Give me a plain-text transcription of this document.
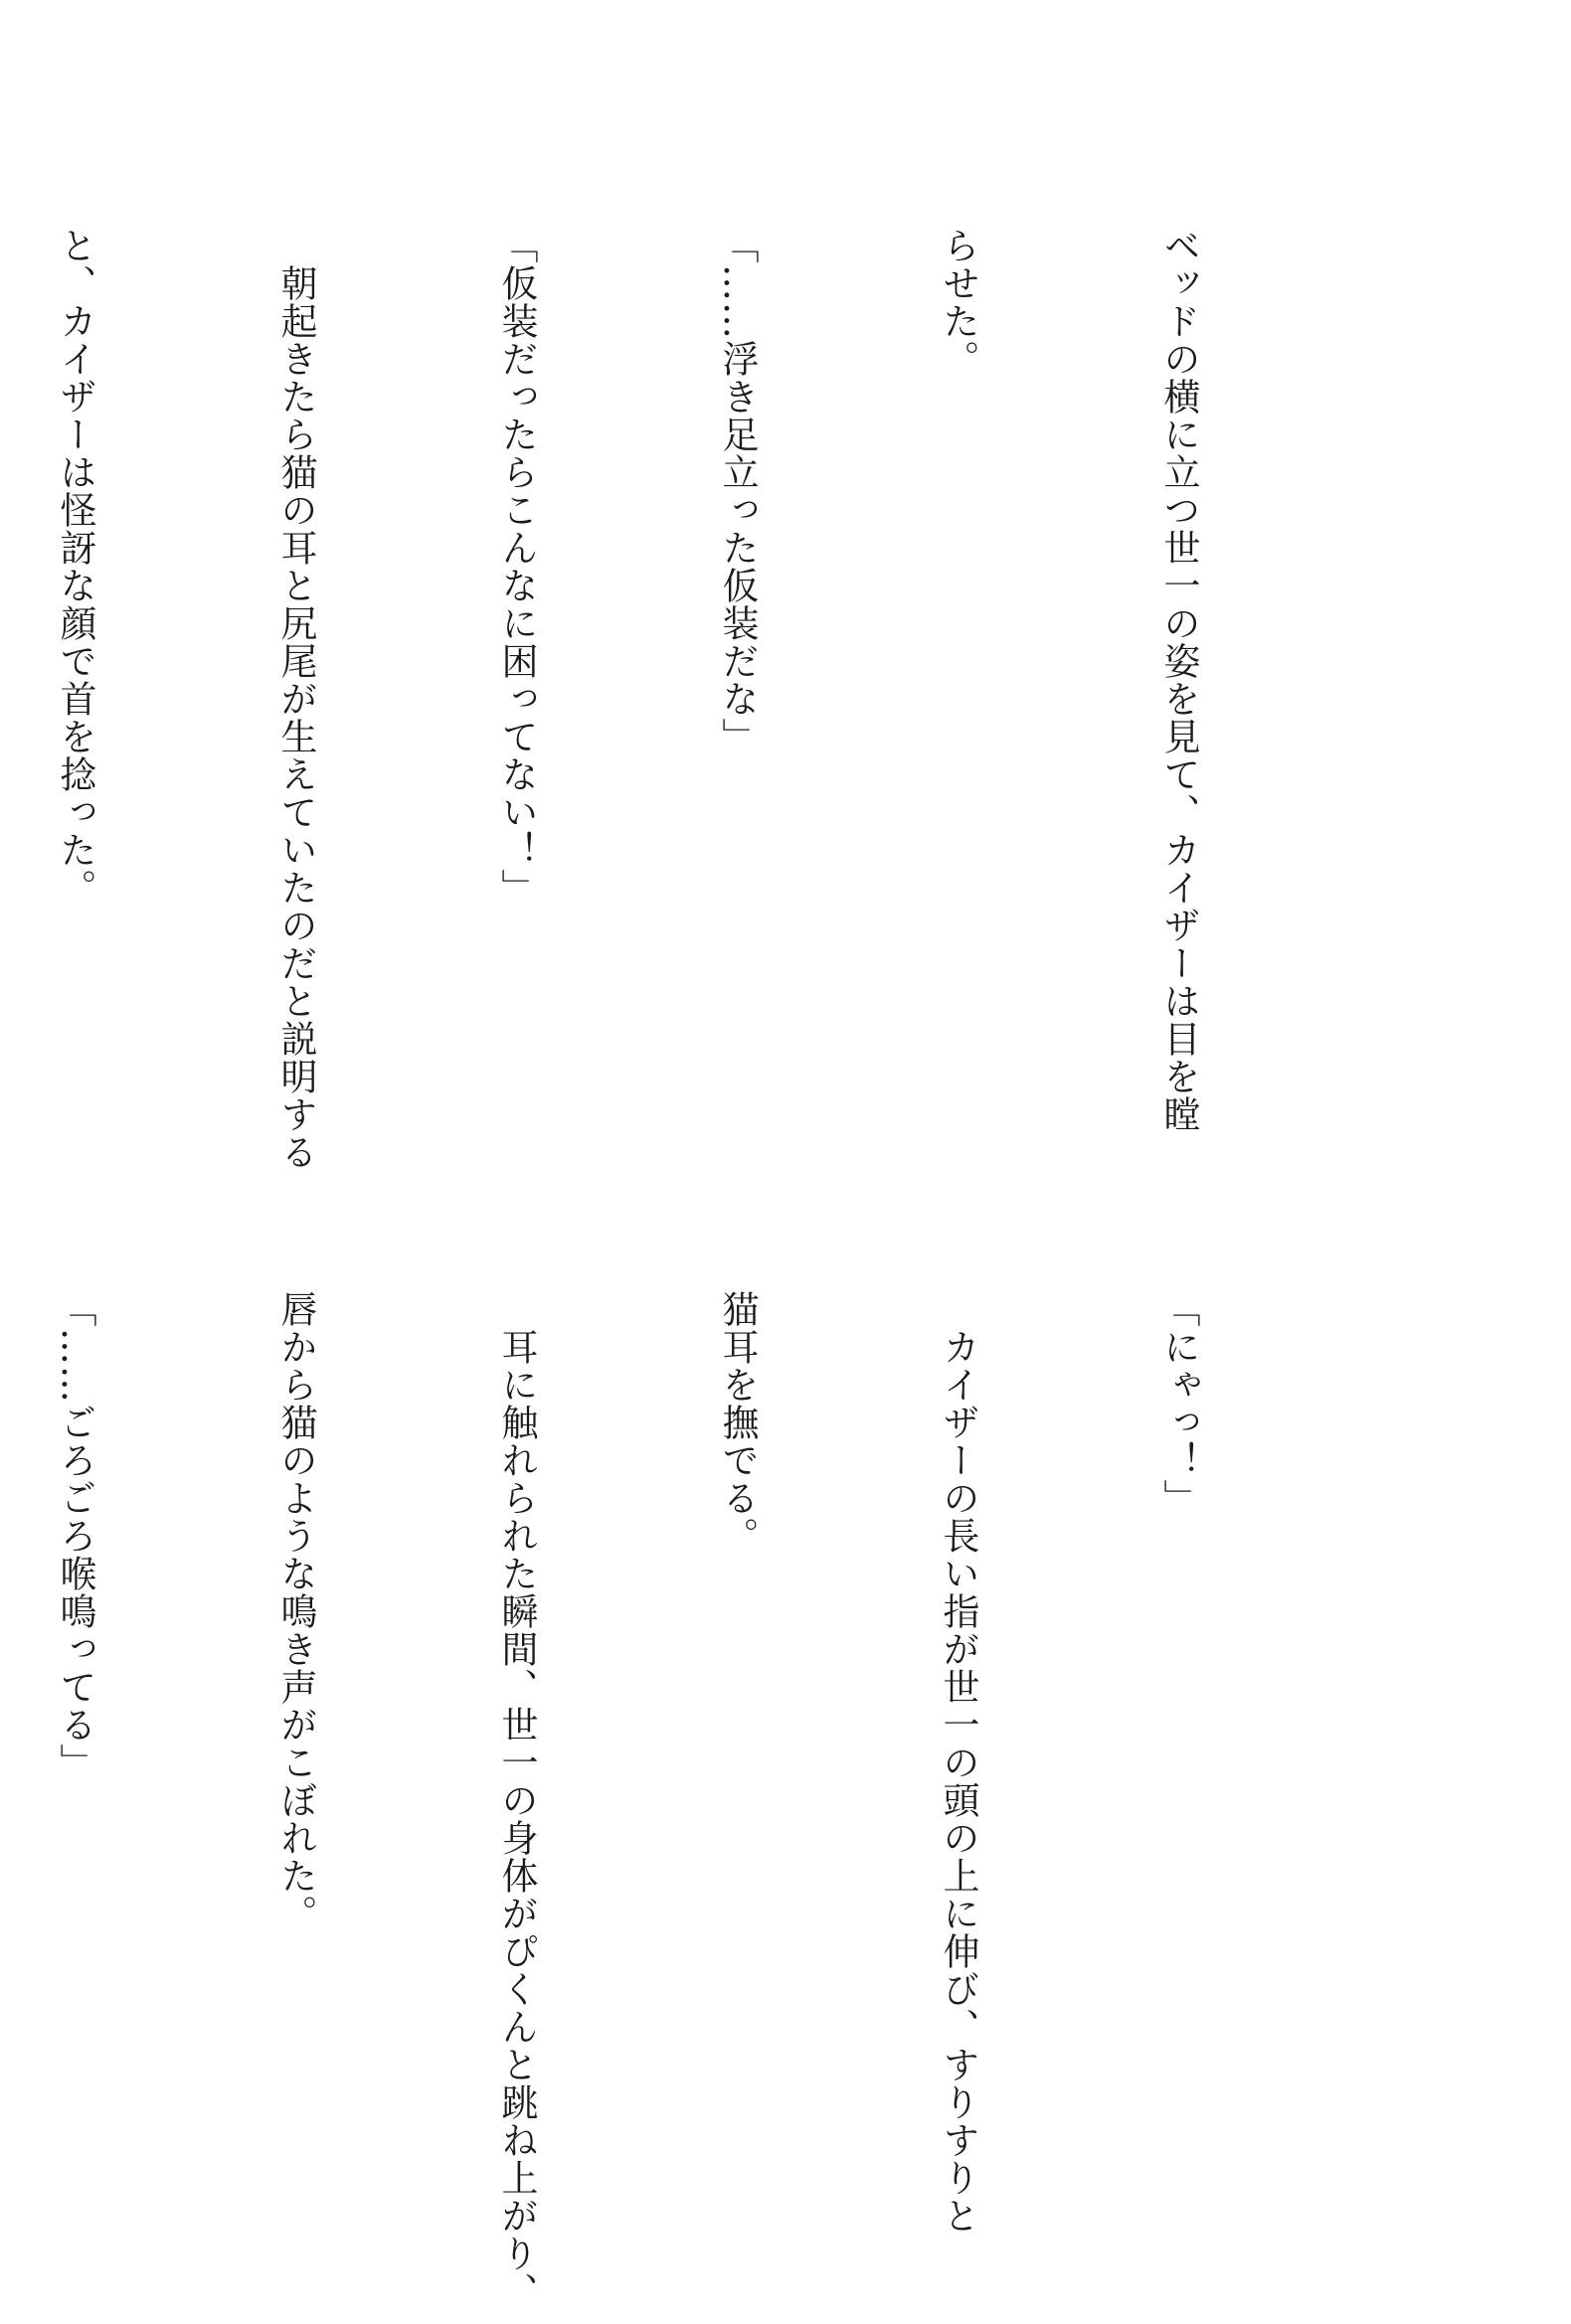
ベッドの横に立つ世一の姿を見て、カイザーは目を瞠

らせた。

「……浮き足立った仮装だな」

「仮装だったらこんなに困ってない！」

　朝起きたら猫の耳と尻尾が生えていたのだと説明する

と、カイザーは怪訝な顔で首を捻った。

「にゃっ！」

　カイザーの長い指が世一の頭の上に伸び、すりすりと

猫耳を撫でる。

　耳に触れられた瞬間、世一の身体がぴくんと跳ね上がり、

唇から猫のような鳴き声がこぼれた。

「……ごろごろ喉鳴ってる」
